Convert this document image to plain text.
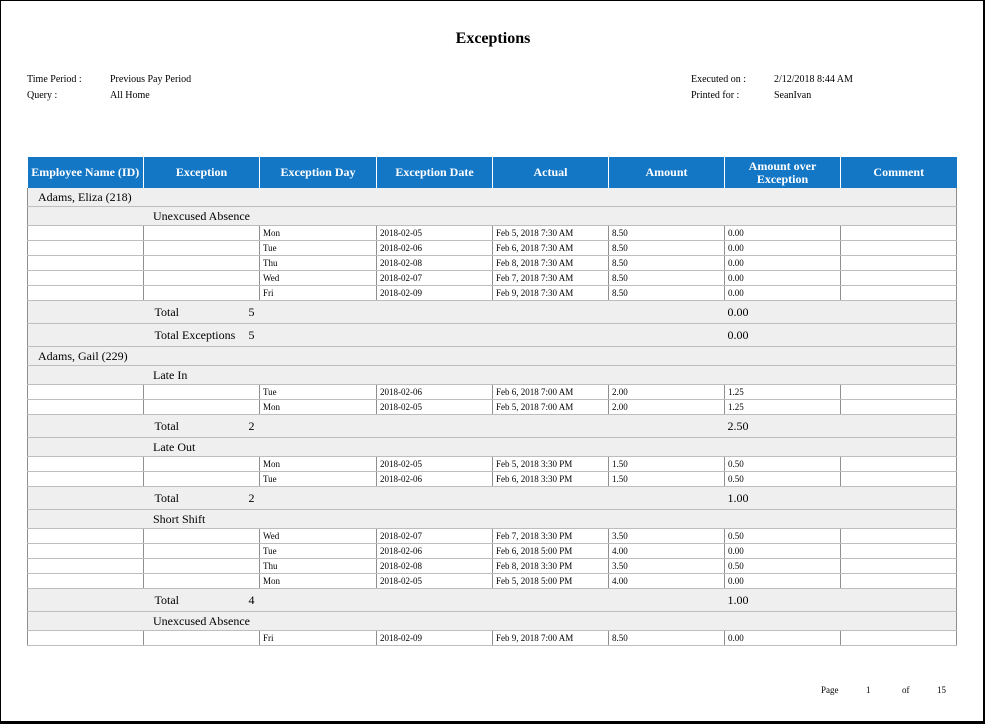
Exceptions
Time Period :	Previous Pay Period
Query :	All Home
Executed on :	2/12/2018 8:44 AM
Printed for :	SeanIvan
Employee Name (ID)	Exception	Exception Day	Exception Date	Actual	Amount	Amount over Exception	Comment
Adams, Eliza (218)							
Unexcused Absence							
		Mon	2018-02-05	Feb 5, 2018 7:30 AM	8.50	0.00	
		Tue	2018-02-06	Feb 6, 2018 7:30 AM	8.50	0.00	
		Thu	2018-02-08	Feb 8, 2018 7:30 AM	8.50	0.00	
		Wed	2018-02-07	Feb 7, 2018 7:30 AM	8.50	0.00	
		Fri	2018-02-09	Feb 9, 2018 7:30 AM	8.50	0.00	
	Total 5					0.00	
	Total Exceptions 5					0.00	
Adams, Gail (229)							
Late In							
		Tue	2018-02-06	Feb 6, 2018 7:00 AM	2.00	1.25	
		Mon	2018-02-05	Feb 5, 2018 7:00 AM	2.00	1.25	
	Total 2					2.50	
Late Out							
		Mon	2018-02-05	Feb 5, 2018 3:30 PM	1.50	0.50	
		Tue	2018-02-06	Feb 6, 2018 3:30 PM	1.50	0.50	
	Total 2					1.00	
Short Shift							
		Wed	2018-02-07	Feb 7, 2018 3:30 PM	3.50	0.50	
		Tue	2018-02-06	Feb 6, 2018 5:00 PM	4.00	0.00	
		Thu	2018-02-08	Feb 8, 2018 3:30 PM	3.50	0.50	
		Mon	2018-02-05	Feb 5, 2018 5:00 PM	4.00	0.00	
	Total 4					1.00	
Unexcused Absence							
		Fri	2018-02-09	Feb 9, 2018 7:00 AM	8.50	0.00	
Page	1	of	15
